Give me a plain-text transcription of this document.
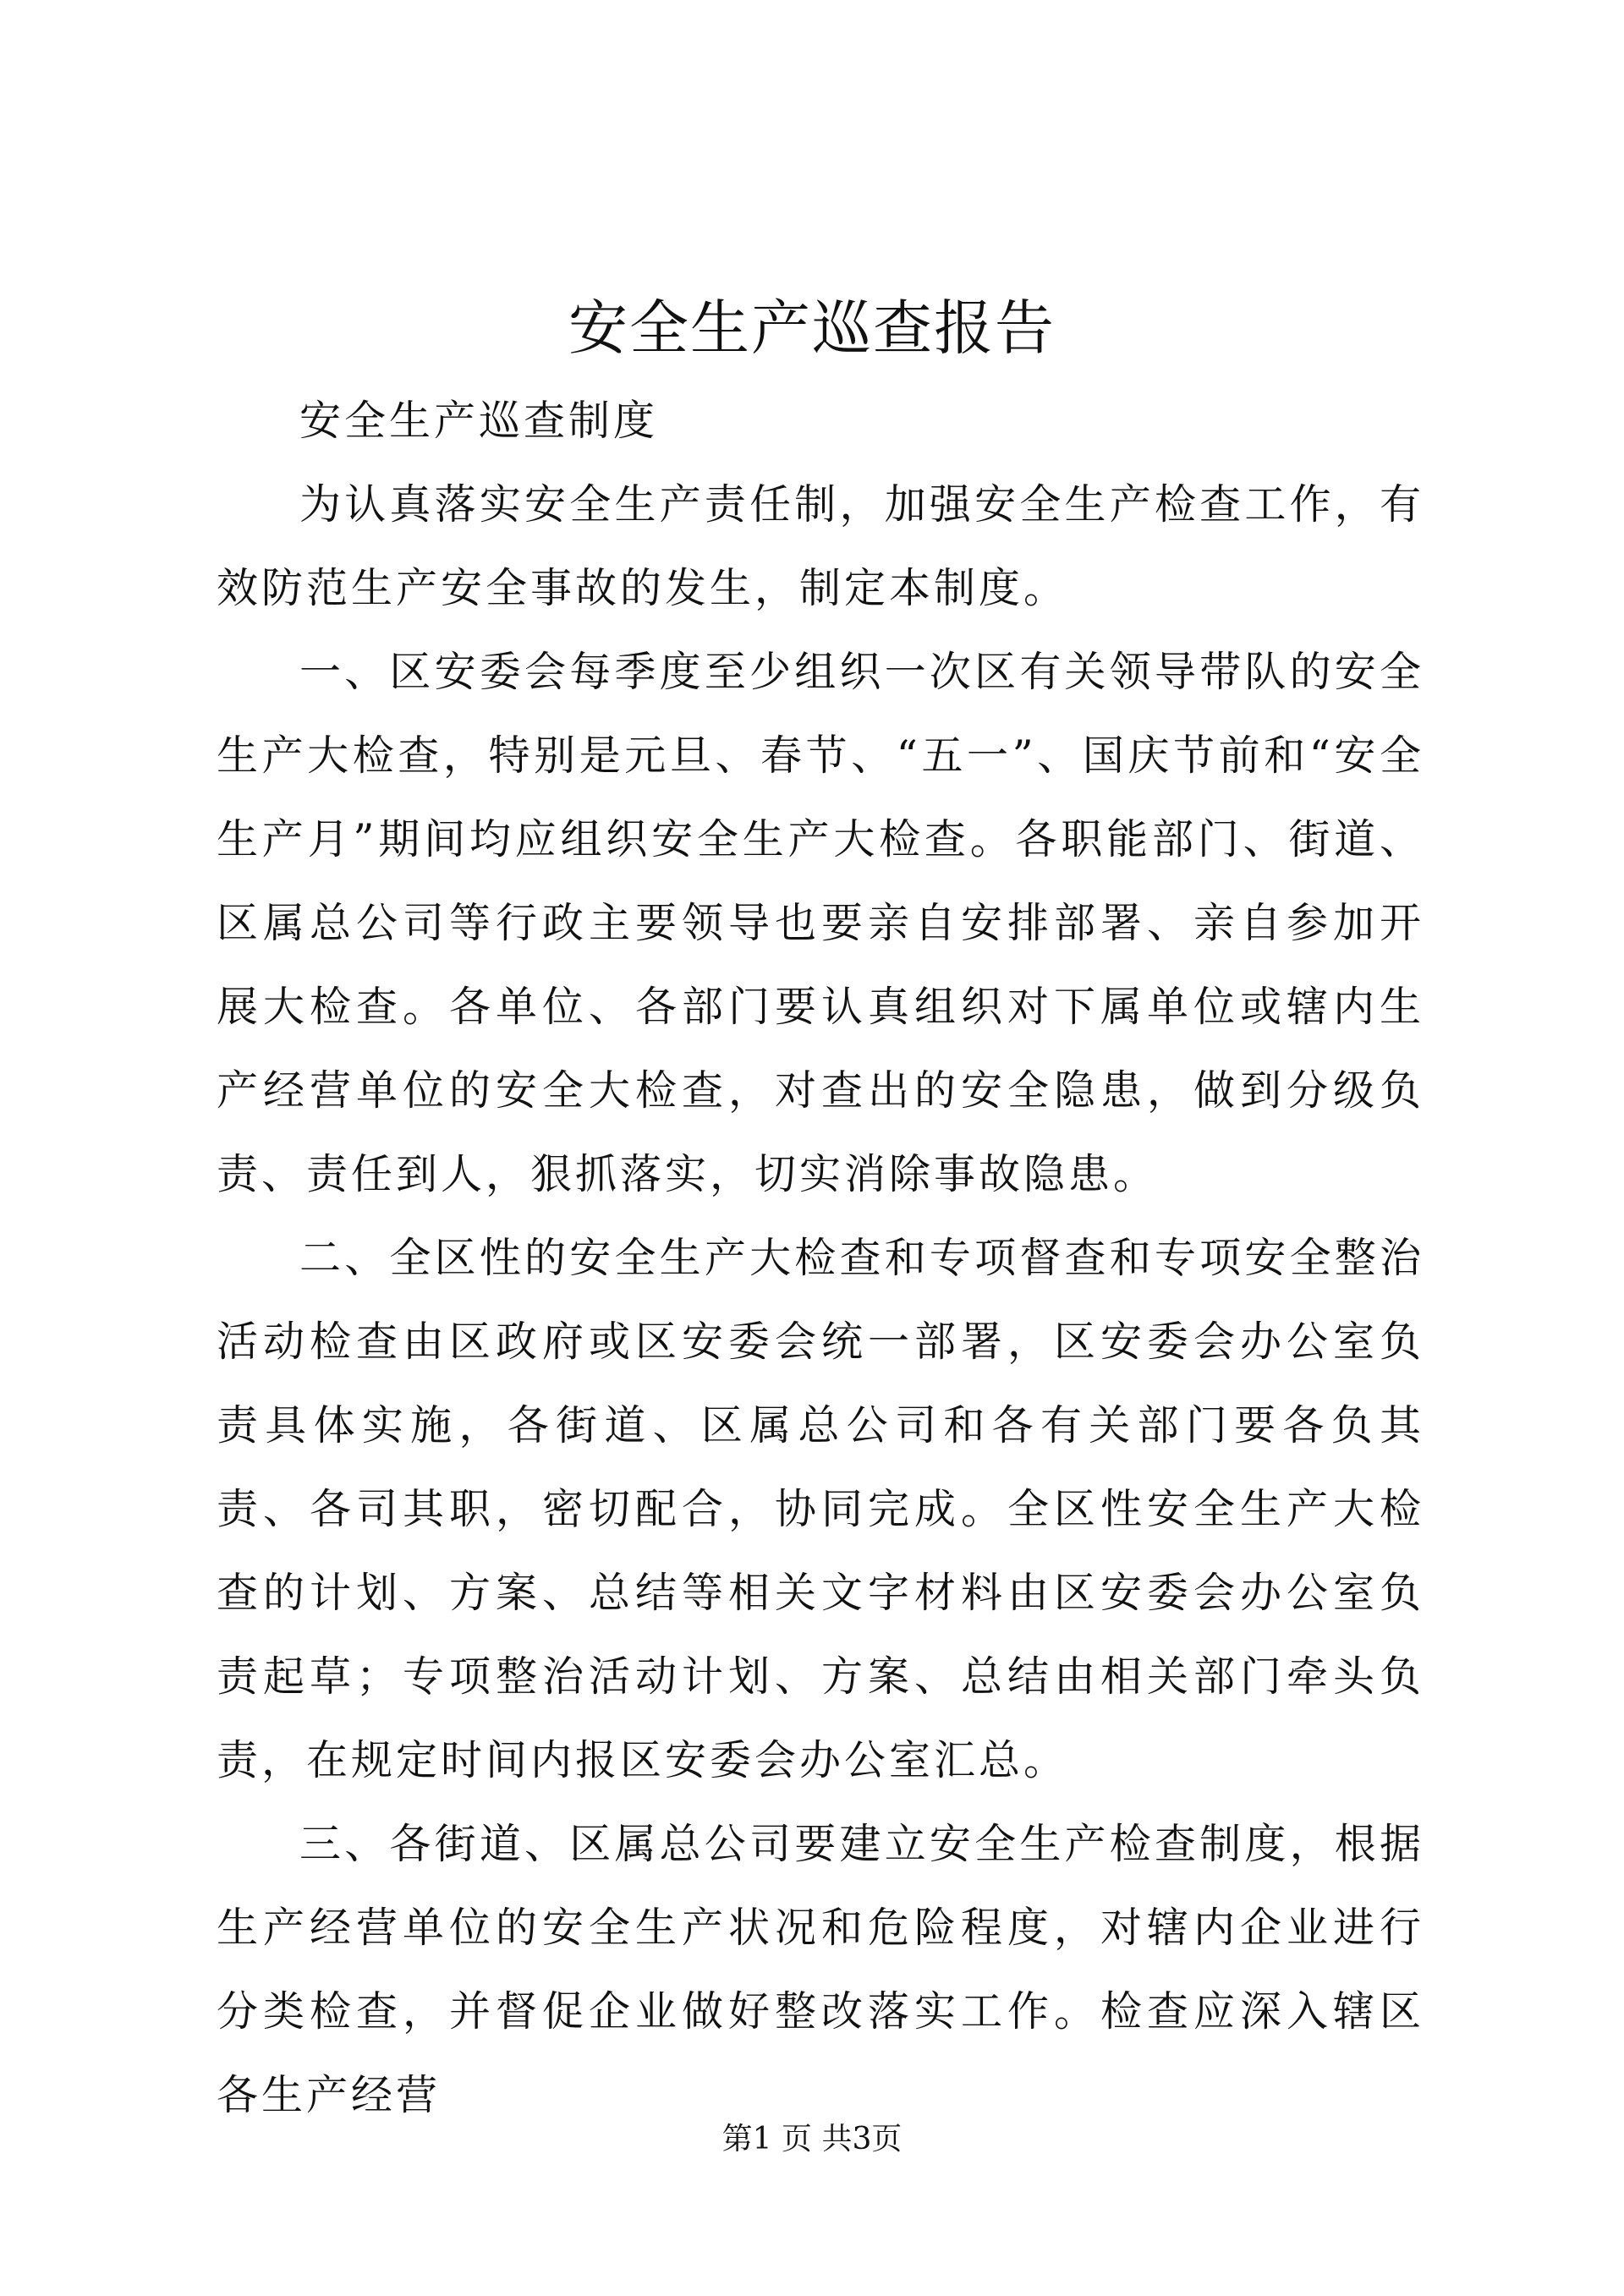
安全生产巡查报告

安全生产巡查制度

为认真落实安全生产责任制，加强安全生产检查工作，有效防范生产安全事故的发生，制定本制度。

一、区安委会每季度至少组织一次区有关领导带队的安全生产大检查，特别是元旦、春节、“五一”、国庆节前和“安全生产月”期间均应组织安全生产大检查。各职能部门、街道、区属总公司等行政主要领导也要亲自安排部署、亲自参加开展大检查。各单位、各部门要认真组织对下属单位或辖内生产经营单位的安全大检查，对查出的安全隐患，做到分级负责、责任到人，狠抓落实，切实消除事故隐患。

二、全区性的安全生产大检查和专项督查和专项安全整治活动检查由区政府或区安委会统一部署，区安委会办公室负责具体实施，各街道、区属总公司和各有关部门要各负其责、各司其职，密切配合，协同完成。全区性安全生产大检查的计划、方案、总结等相关文字材料由区安委会办公室负责起草；专项整治活动计划、方案、总结由相关部门牵头负责，在规定时间内报区安委会办公室汇总。

三、各街道、区属总公司要建立安全生产检查制度，根据生产经营单位的安全生产状况和危险程度，对辖内企业进行分类检查，并督促企业做好整改落实工作。检查应深入辖区各生产经营

第1 页 共3页
